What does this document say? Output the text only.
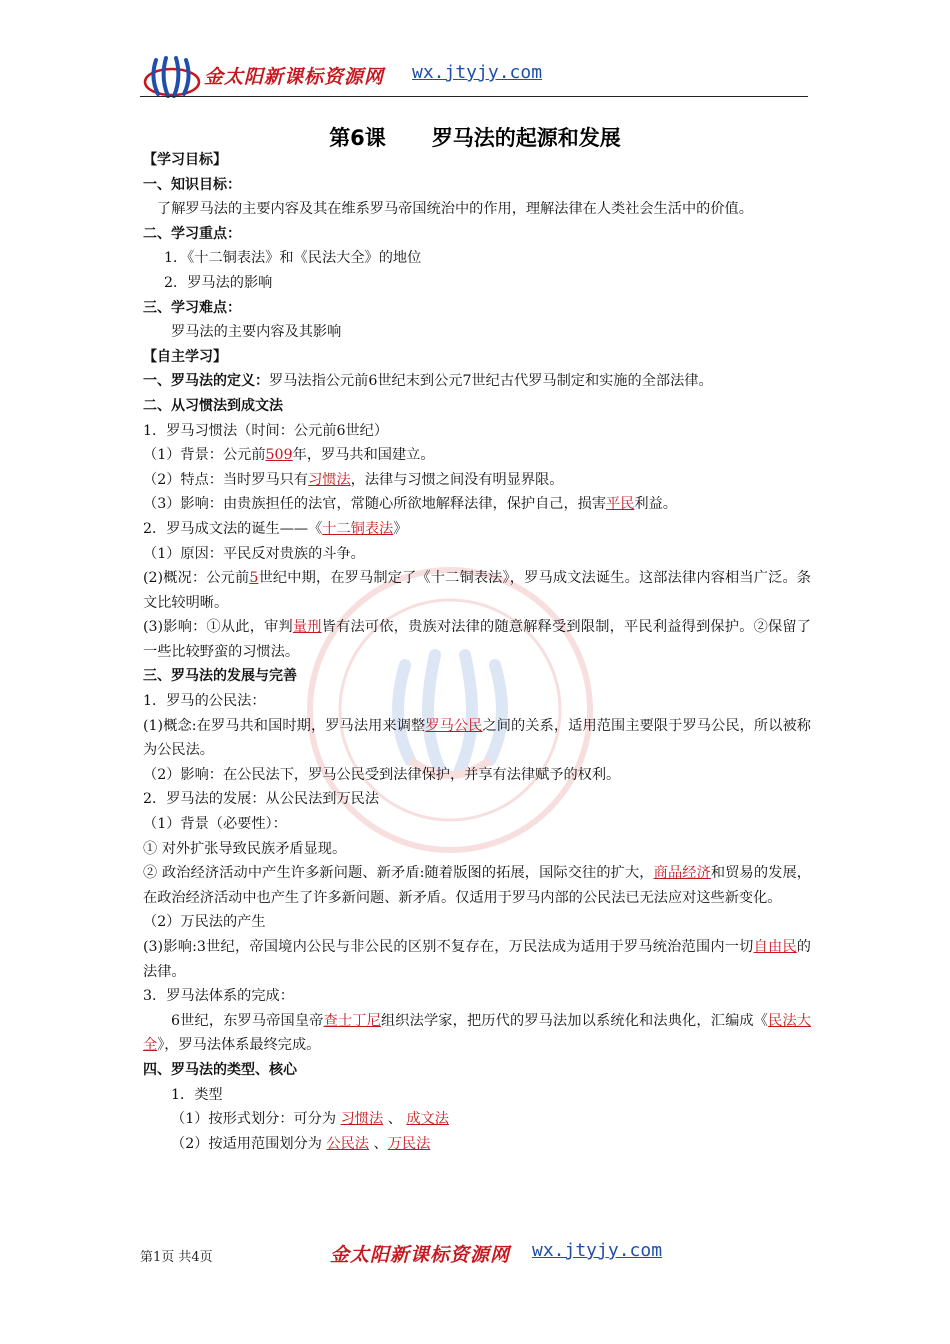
金太阳新课标资源网 wx.jtyjy.com
第6课 罗马法的起源和发展
【学习目标】
一、知识目标：
了解罗马法的主要内容及其在维系罗马帝国统治中的作用，理解法律在人类社会生活中的价值。
二、学习重点：
1．《十二铜表法》和《民法大全》的地位
2．罗马法的影响
三、学习难点：
罗马法的主要内容及其影响
【自主学习】
一、罗马法的定义：罗马法指公元前6世纪末到公元7世纪古代罗马制定和实施的全部法律。
二、从习惯法到成文法
1．罗马习惯法（时间：公元前6世纪）
（1）背景：公元前509年，罗马共和国建立。
（2）特点：当时罗马只有习惯法，法律与习惯之间没有明显界限。
（3）影响：由贵族担任的法官，常随心所欲地解释法律，保护自己，损害平民利益。
2．罗马成文法的诞生——《十二铜表法》
（1）原因：平民反对贵族的斗争。
(2)概况：公元前5世纪中期，在罗马制定了《十二铜表法》，罗马成文法诞生。这部法律内容相当广泛。条文比较明晰。
(3)影响：①从此，审判量刑皆有法可依，贵族对法律的随意解释受到限制，平民利益得到保护。②保留了一些比较野蛮的习惯法。
三、罗马法的发展与完善
1．罗马的公民法：
(1)概念:在罗马共和国时期，罗马法用来调整罗马公民之间的关系，适用范围主要限于罗马公民，所以被称为公民法。
（2）影响：在公民法下，罗马公民受到法律保护，并享有法律赋予的权利。
2．罗马法的发展：从公民法到万民法
（1）背景（必要性）：
① 对外扩张导致民族矛盾显现。
② 政治经济活动中产生许多新问题、新矛盾:随着版图的拓展，国际交往的扩大，商品经济和贸易的发展，在政治经济活动中也产生了许多新问题、新矛盾。仅适用于罗马内部的公民法已无法应对这些新变化。
（2）万民法的产生
(3)影响:3世纪，帝国境内公民与非公民的区别不复存在，万民法成为适用于罗马统治范围内一切自由民的法律。
3．罗马法体系的完成：
6世纪，东罗马帝国皇帝查士丁尼组织法学家，把历代的罗马法加以系统化和法典化，汇编成《民法大全》，罗马法体系最终完成。
四、罗马法的类型、核心
1．类型
（1）按形式划分：可分为 习惯法 、 成文法
（2）按适用范围划分为 公民法 、万民法
第1页 共4页	金太阳新课标资源网 wx.jtyjy.com
